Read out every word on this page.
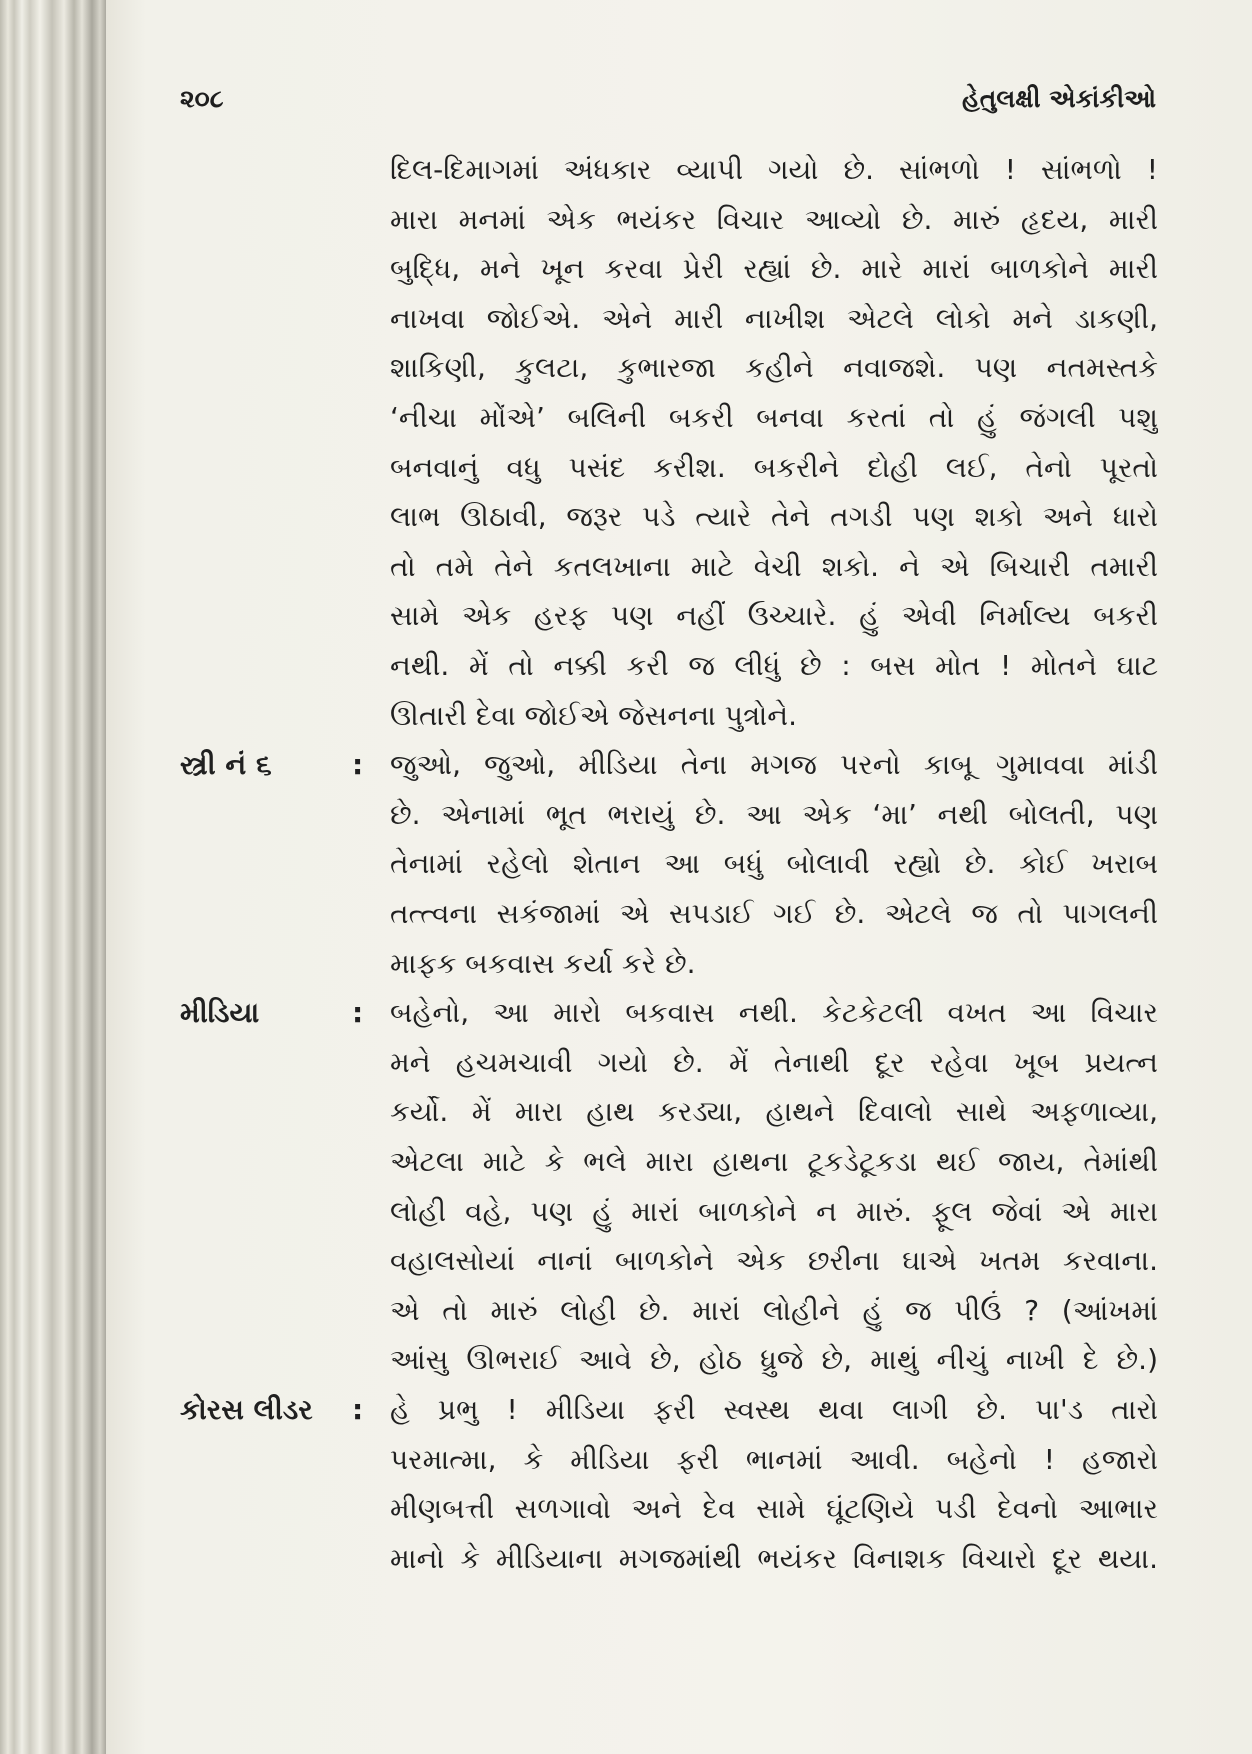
૨૦૮	હેતુલક્ષી એકાંકીઓ
દિલ-દિમાગમાં અંધકાર વ્યાપી ગયો છે. સાંભળો ! સાંભળો !
મારા મનમાં એક ભયંકર વિચાર આવ્યો છે. મારું હૃદય, મારી
બુદ્ધિ, મને ખૂન કરવા પ્રેરી રહ્યાં છે. મારે મારાં બાળકોને મારી
નાખવા જોઈએ. એને મારી નાખીશ એટલે લોકો મને ડાકણી,
શાકિણી, કુલટા, કુભારજા કહીને નવાજશે. પણ નતમસ્તકે
‘નીચા મોંએ’ બલિની બકરી બનવા કરતાં તો હું જંગલી પશુ
બનવાનું વધુ પસંદ કરીશ. બકરીને દોહી લઈ, તેનો પૂરતો
લાભ ઊઠાવી, જરૂર પડે ત્યારે તેને તગડી પણ શકો અને ધારો
તો તમે તેને કતલખાના માટે વેચી શકો. ને એ બિચારી તમારી
સામે એક હરફ પણ નહીં ઉચ્ચારે. હું એવી નિર્માલ્ય બકરી
નથી. મેં તો નક્કી કરી જ લીધું છે : બસ મોત ! મોતને ઘાટ
ઊતારી દેવા જોઈએ જેસનના પુત્રોને.
સ્ત્રી નં ૬	: જુઓ, જુઓ, મીડિયા તેના મગજ પરનો કાબૂ ગુમાવવા માંડી
છે. એનામાં ભૂત ભરાયું છે. આ એક ‘મા’ નથી બોલતી, પણ
તેનામાં રહેલો શેતાન આ બધું બોલાવી રહ્યો છે. કોઈ ખરાબ
તત્ત્વના સકંજામાં એ સપડાઈ ગઈ છે. એટલે જ તો પાગલની
માફક બકવાસ કર્યા કરે છે.
મીડિયા	: બહેનો, આ મારો બકવાસ નથી. કેટકેટલી વખત આ વિચાર
મને હચમચાવી ગયો છે. મેં તેનાથી દૂર રહેવા ખૂબ પ્રયત્ન
કર્યો. મેં મારા હાથ કરડ્યા, હાથને દિવાલો સાથે અફળાવ્યા,
એટલા માટે કે ભલે મારા હાથના ટૂકડેટૂકડા થઈ જાય, તેમાંથી
લોહી વહે, પણ હું મારાં બાળકોને ન મારું. ફૂલ જેવાં એ મારા
વહાલસોયાં નાનાં બાળકોને એક છરીના ઘાએ ખતમ કરવાના.
એ તો મારું લોહી છે. મારાં લોહીને હું જ પીઉં ? (આંખમાં
આંસુ ઊભરાઈ આવે છે, હોઠ ધ્રુજે છે, માથું નીચું નાખી દે છે.)
કોરસ લીડર : હે પ્રભુ ! મીડિયા ફરી સ્વસ્થ થવા લાગી છે. પા'ડ તારો
પરમાત્મા, કે મીડિયા ફરી ભાનમાં આવી. બહેનો ! હજારો
મીણબત્તી સળગાવો અને દેવ સામે ઘૂંટણિયે પડી દેવનો આભાર
માનો કે મીડિયાના મગજમાંથી ભયંકર વિનાશક વિચારો દૂર થયા.
